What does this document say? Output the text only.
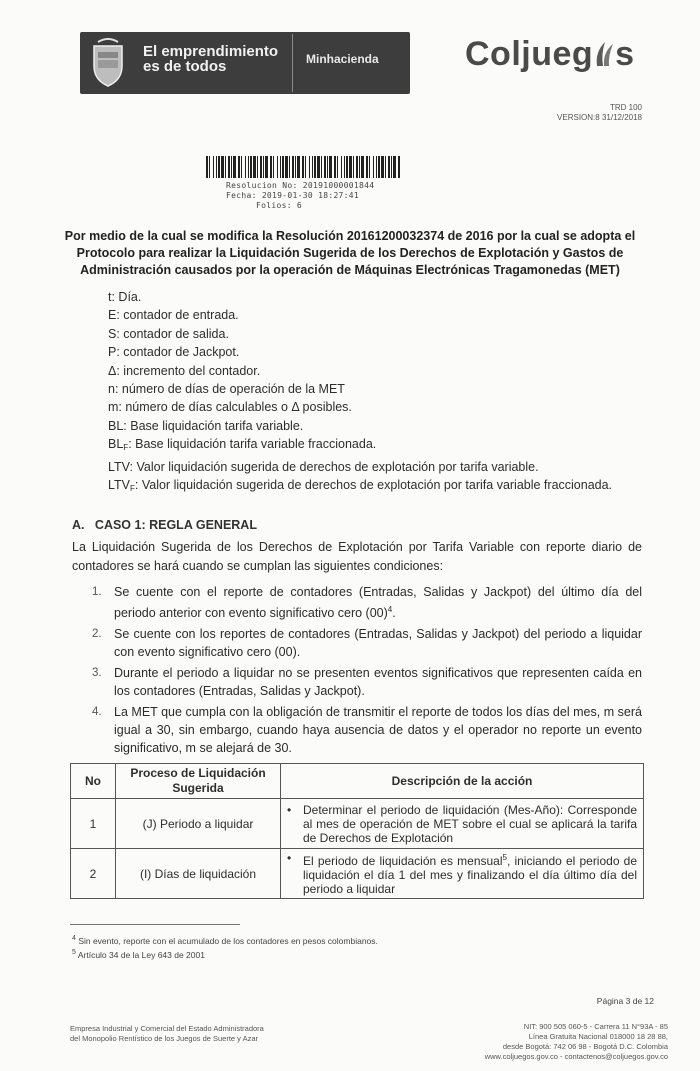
El emprendimiento
es de todos	Minhacienda	Coljueg s
TRD 100
VERSION:8 31/12/2018
Resolucion No: 20191000001844
Fecha: 2019-01-30 18:27:41
Folios: 6
Por medio de la cual se modifica la Resolución 20161200032374 de 2016 por la cual se adopta el Protocolo para realizar la Liquidación Sugerida de los Derechos de Explotación y Gastos de Administración causados por la operación de Máquinas Electrónicas Tragamonedas (MET)
t: Día.
E: contador de entrada.
S: contador de salida.
P: contador de Jackpot.
Δ: incremento del contador.
n: número de días de operación de la MET
m: número de días calculables o Δ posibles.
BL: Base liquidación tarifa variable.
$BL_F$: Base liquidación tarifa variable fraccionada.
LTV: Valor liquidación sugerida de derechos de explotación por tarifa variable.
$LTV_F$: Valor liquidación sugerida de derechos de explotación por tarifa variable fraccionada.
A.   CASO 1: REGLA GENERAL
La Liquidación Sugerida de los Derechos de Explotación por Tarifa Variable con reporte diario de contadores se hará cuando se cumplan las siguientes condiciones:
1. Se cuente con el reporte de contadores (Entradas, Salidas y Jackpot) del último día del periodo anterior con evento significativo cero $(00)^4$.
2. Se cuente con los reportes de contadores (Entradas, Salidas y Jackpot) del periodo a liquidar con evento significativo cero (00).
3. Durante el periodo a liquidar no se presenten eventos significativos que representen caída en los contadores (Entradas, Salidas y Jackpot).
4. La MET que cumpla con la obligación de transmitir el reporte de todos los días del mes, m será igual a 30, sin embargo, cuando haya ausencia de datos y el operador no reporte un evento significativo, m se alejará de 30.
No	Proceso de Liquidación Sugerida	Descripción de la acción
1	(J) Periodo a liquidar	• Determinar el periodo de liquidación (Mes-Año): Corresponde al mes de operación de MET sobre el cual se aplicará la tarifa de Derechos de Explotación

2	(I) Días de liquidación	• El periodo de liquidación es mensual$^5$, iniciando el periodo de liquidación el día 1 del mes y finalizando el día último día del periodo a liquidar
$^4$ Sin evento, reporte con el acumulado de los contadores en pesos colombianos.
$^5$ Artículo 34 de la Ley 643 de 2001
Página 3 de 12
Empresa Industrial y Comercial del Estado Administradora
del Monopolio Rentístico de los Juegos de Suerte y Azar
NIT: 900 505 060-5 - Carrera 11 N°93A - 85
Línea Gratuita Nacional 018000 18 28 88,
desde Bogotá: 742 06 98 - Bogotá D.C. Colombia
www.coljuegos.gov.co - contactenos@coljuegos.gov.co
